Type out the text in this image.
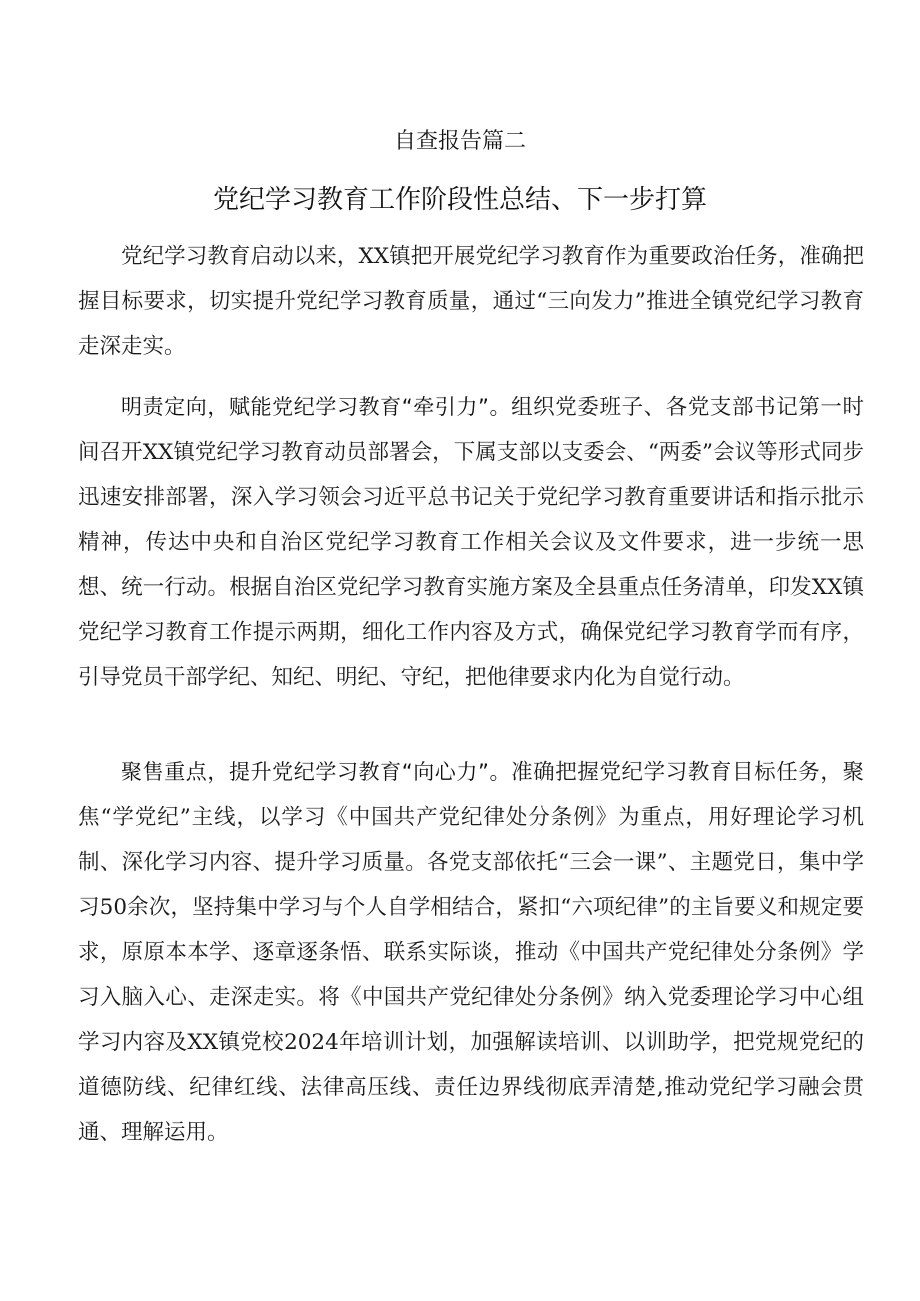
自查报告篇二
党纪学习教育工作阶段性总结、下一步打算

党纪学习教育启动以来，XX镇把开展党纪学习教育作为重要政治任务，准确把握目标要求，切实提升党纪学习教育质量，通过“三向发力”推进全镇党纪学习教育走深走实。

明责定向，赋能党纪学习教育“牵引力”。组织党委班子、各党支部书记第一时间召开XX镇党纪学习教育动员部署会，下属支部以支委会、“两委”会议等形式同步迅速安排部署，深入学习领会习近平总书记关于党纪学习教育重要讲话和指示批示精神，传达中央和自治区党纪学习教育工作相关会议及文件要求，进一步统一思想、统一行动。根据自治区党纪学习教育实施方案及全县重点任务清单，印发XX镇党纪学习教育工作提示两期，细化工作内容及方式，确保党纪学习教育学而有序，引导党员干部学纪、知纪、明纪、守纪，把他律要求内化为自觉行动。

聚售重点，提升党纪学习教育“向心力”。准确把握党纪学习教育目标任务，聚焦“学党纪”主线，以学习《中国共产党纪律处分条例》为重点，用好理论学习机制、深化学习内容、提升学习质量。各党支部依托“三会一课”、主题党日，集中学习50余次，坚持集中学习与个人自学相结合，紧扣“六项纪律”的主旨要义和规定要求，原原本本学、逐章逐条悟、联系实际谈，推动《中国共产党纪律处分条例》学习入脑入心、走深走实。将《中国共产党纪律处分条例》纳入党委理论学习中心组学习内容及XX镇党校2024年培训计划，加强解读培训、以训助学，把党规党纪的道德防线、纪律红线、法律高压线、责任边界线彻底弄清楚,推动党纪学习融会贯通、理解运用。
